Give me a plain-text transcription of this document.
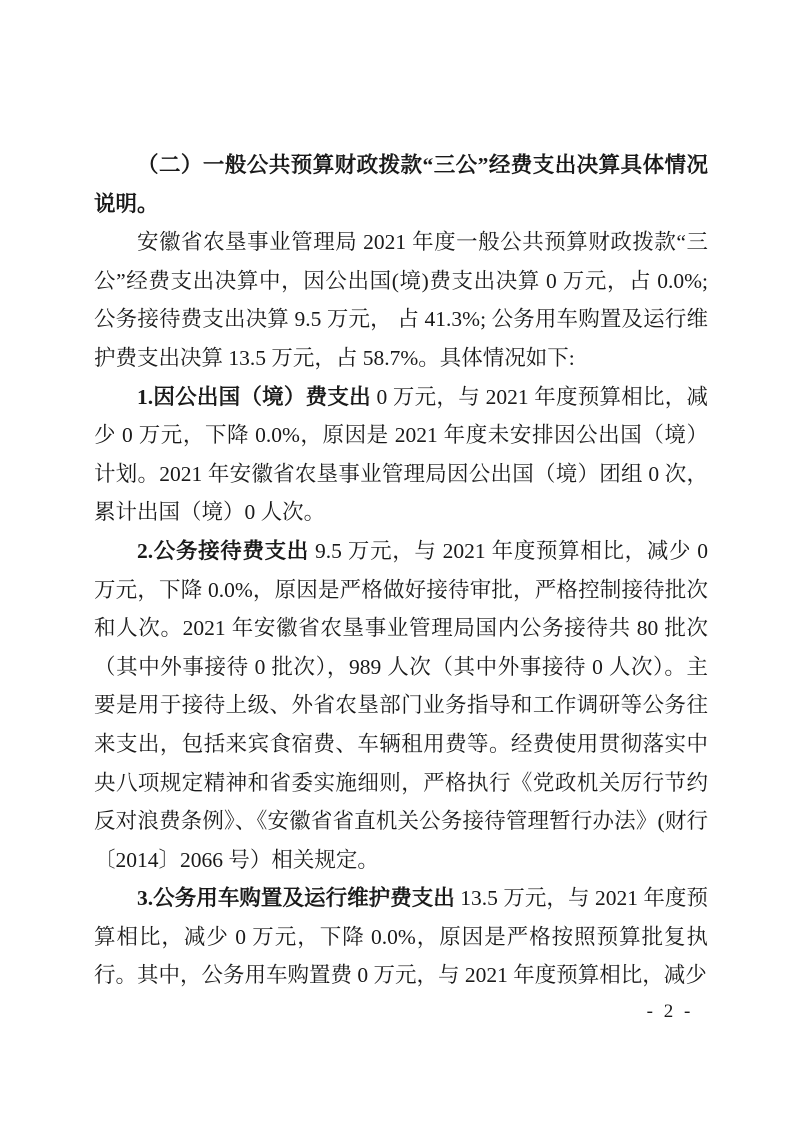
（二）一般公共预算财政拨款“三公”经费支出决算具体情况说明。

安徽省农垦事业管理局 2021 年度一般公共预算财政拨款“三公”经费支出决算中，因公出国(境)费支出决算 0 万元，占 0.0%; 公务接待费支出决算 9.5 万元， 占 41.3%; 公务用车购置及运行维护费支出决算 13.5 万元，占 58.7%。具体情况如下:

1.因公出国（境）费支出 0 万元，与 2021 年度预算相比，减少 0 万元，下降 0.0%，原因是 2021 年度未安排因公出国（境）计划。2021 年安徽省农垦事业管理局因公出国（境）团组 0 次，累计出国（境）0 人次。

2.公务接待费支出 9.5 万元，与 2021 年度预算相比，减少 0 万元，下降 0.0%，原因是严格做好接待审批，严格控制接待批次和人次。2021 年安徽省农垦事业管理局国内公务接待共 80 批次（其中外事接待 0 批次），989 人次（其中外事接待 0 人次）。主要是用于接待上级、外省农垦部门业务指导和工作调研等公务往来支出，包括来宾食宿费、车辆租用费等。经费使用贯彻落实中央八项规定精神和省委实施细则，严格执行《党政机关厉行节约反对浪费条例》、《安徽省省直机关公务接待管理暂行办法》(财行〔2014〕2066 号）相关规定。

3.公务用车购置及运行维护费支出 13.5 万元，与 2021 年度预算相比，减少 0 万元，下降 0.0%，原因是严格按照预算批复执行。其中，公务用车购置费 0 万元，与 2021 年度预算相比，减少

- 2 -
